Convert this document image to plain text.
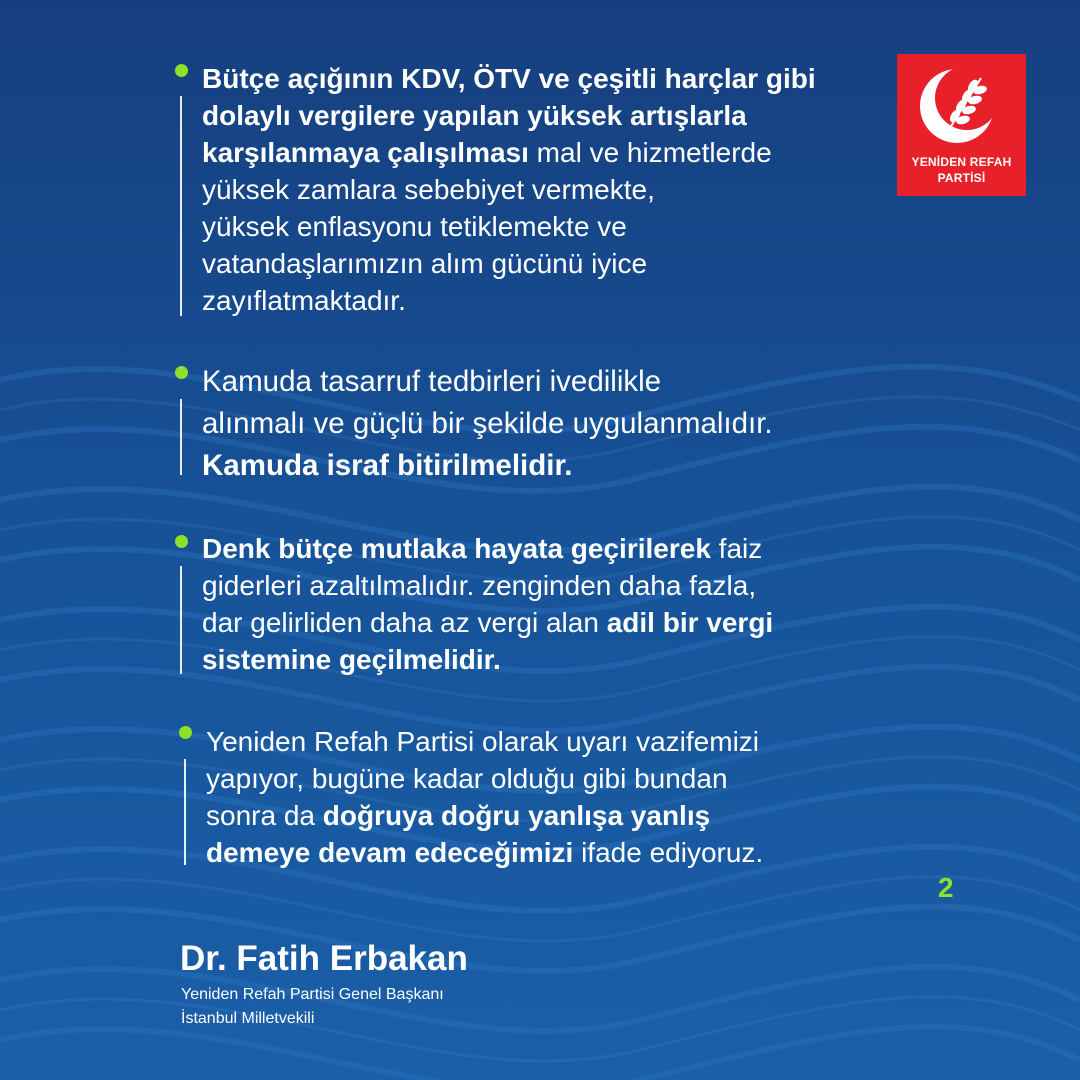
YENİDEN REFAH
PARTİSİ
Bütçe açığının KDV, ÖTV ve çeşitli harçlar gibi
dolaylı vergilere yapılan yüksek artışlarla
karşılanmaya çalışılması mal ve hizmetlerde
yüksek zamlara sebebiyet vermekte,
yüksek enflasyonu tetiklemekte ve
vatandaşlarımızın alım gücünü iyice
zayıflatmaktadır.
Kamuda tasarruf tedbirleri ivedilikle
alınmalı ve güçlü bir şekilde uygulanmalıdır.
Kamuda israf bitirilmelidir.
Denk bütçe mutlaka hayata geçirilerek faiz
giderleri azaltılmalıdır. zenginden daha fazla,
dar gelirliden daha az vergi alan adil bir vergi
sistemine geçilmelidir.
Yeniden Refah Partisi olarak uyarı vazifemizi
yapıyor, bugüne kadar olduğu gibi bundan
sonra da doğruya doğru yanlışa yanlış
demeye devam edeceğimizi ifade ediyoruz.
2
Dr. Fatih Erbakan
Yeniden Refah Partisi Genel Başkanı
İstanbul Milletvekili
